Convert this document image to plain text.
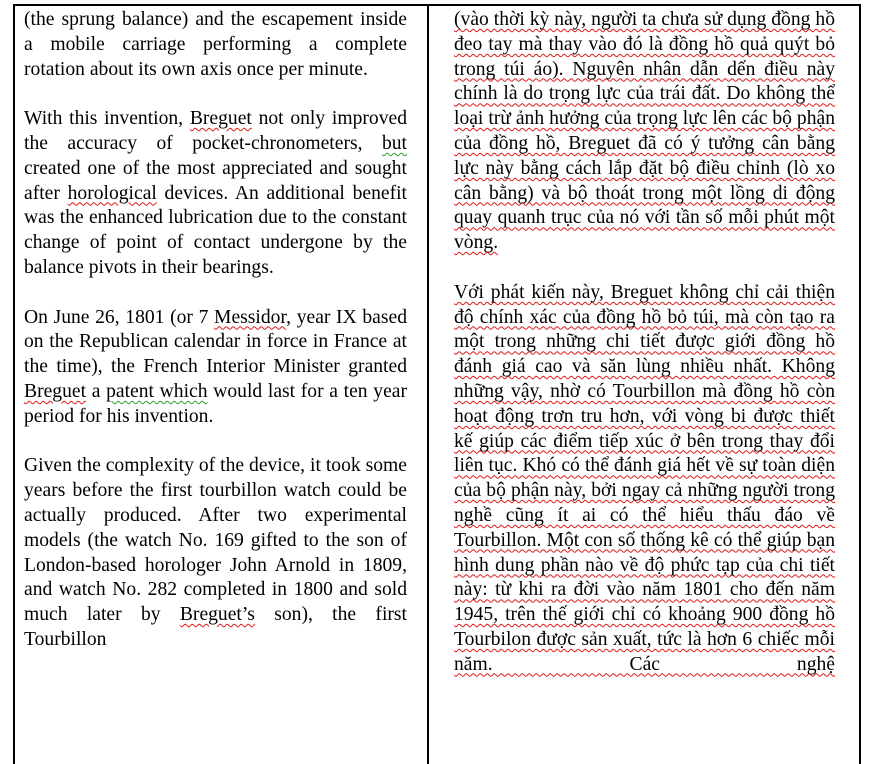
(the sprung balance) and the escapement inside a mobile carriage performing a complete rotation about its own axis once per minute.

With this invention, Breguet not only improved the accuracy of pocket-chronometers, but created one of the most appreciated and sought after horological devices. An additional benefit was the enhanced lubrication due to the constant change of point of contact undergone by the balance pivots in their bearings.

On June 26, 1801 (or 7 Messidor, year IX based on the Republican calendar in force in France at the time), the French Interior Minister granted Breguet a patent which would last for a ten year period for his invention.

Given the complexity of the device, it took some years before the first tourbillon watch could be actually produced. After two experimental models (the watch No. 169 gifted to the son of London-based horologer John Arnold in 1809, and watch No. 282 completed in 1800 and sold much later by Breguet’s son), the first Tourbillon

(vào thời kỳ này, người ta chưa sử dụng đồng hồ đeo tay mà thay vào đó là đồng hồ quả quýt bỏ trong túi áo). Nguyên nhân dẫn dến điều này chính là do trọng lực của trái đất. Do không thể loại trừ ảnh hưởng của trọng lực lên các bộ phận của đồng hồ, Breguet đã có ý tưởng cân bằng lực này bằng cách lắp đặt bộ điều chỉnh (lò xo cân bằng) và bộ thoát trong một lồng di động quay quanh trục của nó với tần số mỗi phút một vòng.

Với phát kiến này, Breguet không chỉ cải thiện độ chính xác của đồng hồ bỏ túi, mà còn tạo ra một trong những chi tiết được giới đồng hồ đánh giá cao và săn lùng nhiều nhất. Không những vậy, nhờ có Tourbillon mà đồng hồ còn hoạt động trơn tru hơn, với vòng bi được thiết kế giúp các điểm tiếp xúc ở bên trong thay đổi liên tục. Khó có thể đánh giá hết về sự toàn diện của bộ phận này, bởi ngay cả những người trong nghề cũng ít ai có thể hiểu thấu đáo về Tourbillon. Một con số thống kê có thể giúp bạn hình dung phần nào về độ phức tạp của chi tiết này: từ khi ra đời vào năm 1801 cho đến năm 1945, trên thế giới chỉ có khoảng 900 đồng hồ Tourbilon được sản xuất, tức là hơn 6 chiếc mỗi năm. Các nghệ
